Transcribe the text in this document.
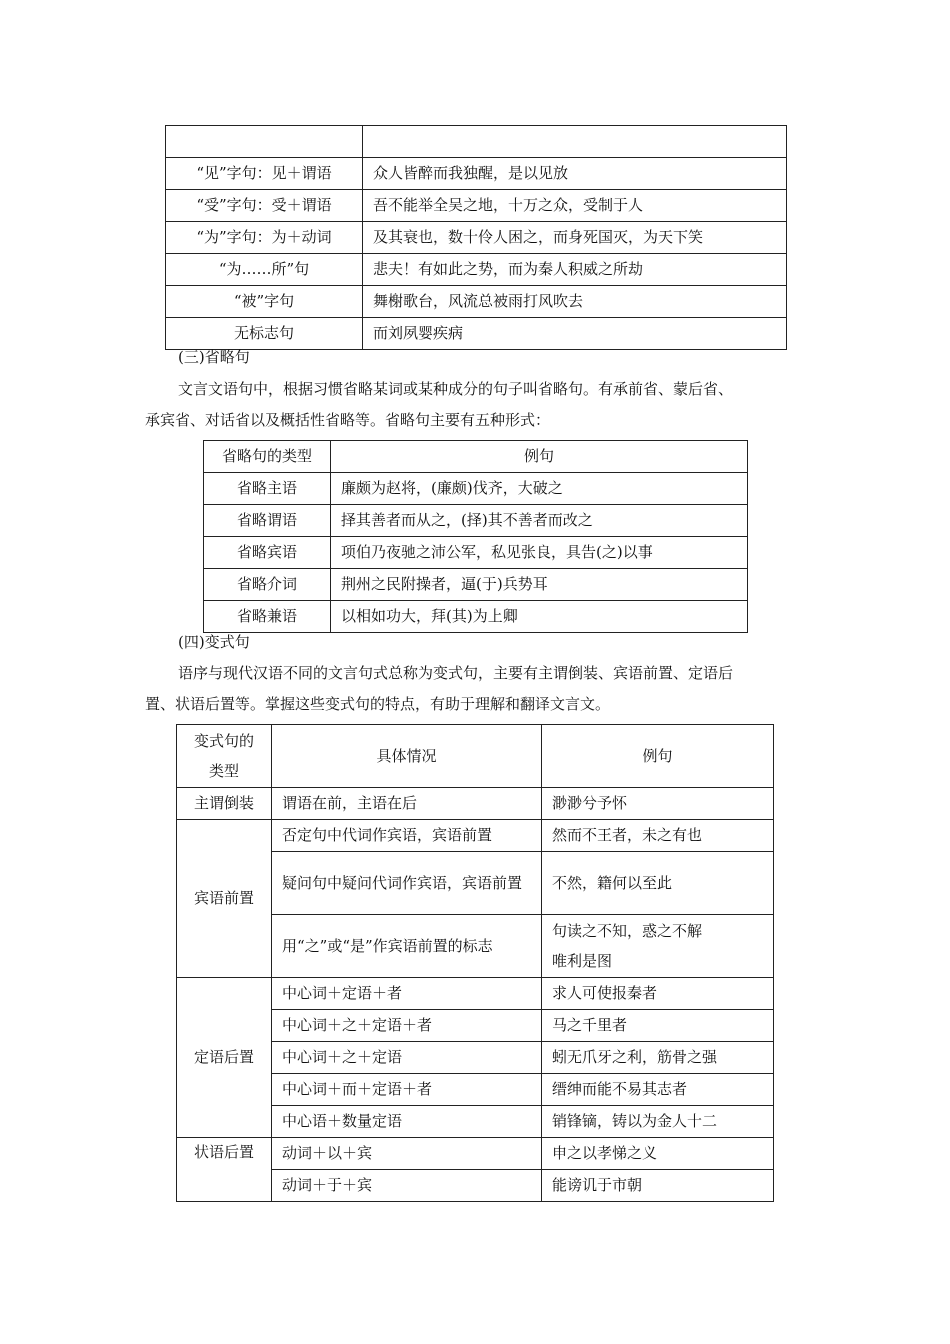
“见”字句：见＋谓语	众人皆醉而我独醒，是以见放
“受”字句：受＋谓语	吾不能举全吴之地，十万之众，受制于人
“为”字句：为＋动词	及其衰也，数十伶人困之，而身死国灭，为天下笑
“为……所”句	悲夫！有如此之势，而为秦人积威之所劫
“被”字句	舞榭歌台，风流总被雨打风吹去
无标志句	而刘夙婴疾病

(三)省略句

文言文语句中，根据习惯省略某词或某种成分的句子叫省略句。有承前省、蒙后省、

承宾省、对话省以及概括性省略等。省略句主要有五种形式：

省略句的类型	例句
省略主语	廉颇为赵将，(廉颇)伐齐，大破之
省略谓语	择其善者而从之，(择)其不善者而改之
省略宾语	项伯乃夜驰之沛公军，私见张良，具告(之)以事
省略介词	荆州之民附操者，逼(于)兵势耳
省略兼语	以相如功大，拜(其)为上卿

(四)变式句

语序与现代汉语不同的文言句式总称为变式句，主要有主谓倒装、宾语前置、定语后

置、状语后置等。掌握这些变式句的特点，有助于理解和翻译文言文。

变式句的
类型	具体情况	例句
主谓倒装	谓语在前，主语在后	渺渺兮予怀
宾语前置	否定句中代词作宾语，宾语前置	然而不王者，未之有也
	疑问句中疑问代词作宾语，宾语前置	不然，籍何以至此
	用“之”或“是”作宾语前置的标志	句读之不知，惑之不解
唯利是图
定语后置	中心词＋定语＋者	求人可使报秦者
	中心词＋之＋定语＋者	马之千里者
	中心词＋之＋定语	蚓无爪牙之利，筋骨之强
	中心词＋而＋定语＋者	缙绅而能不易其志者
	中心语＋数量定语	销锋镝，铸以为金人十二
状语后置	动词＋以＋宾	申之以孝悌之义
	动词＋于＋宾	能谤讥于市朝
